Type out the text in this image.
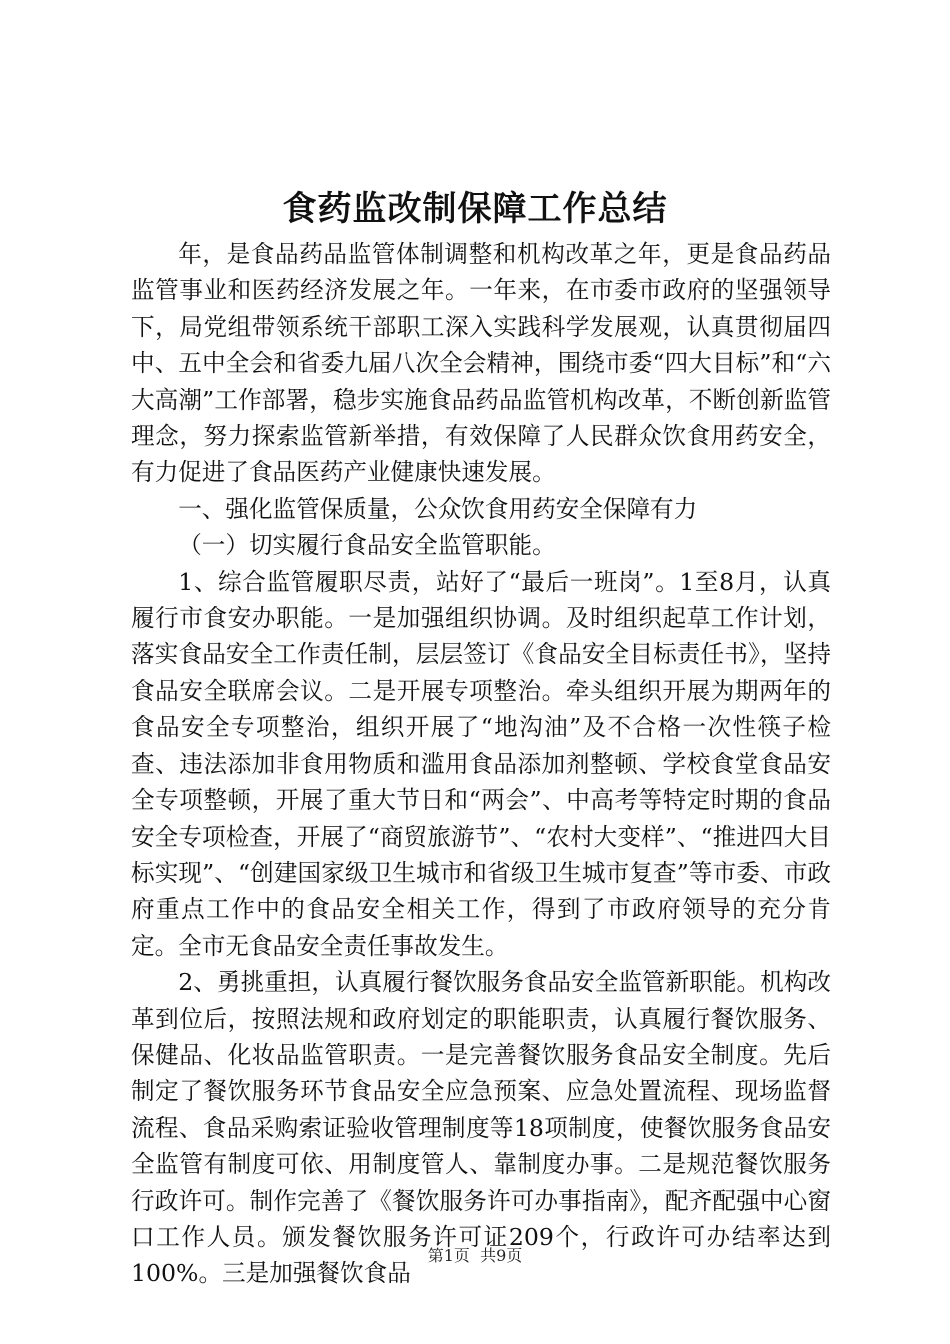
食药监改制保障工作总结

年，是食品药品监管体制调整和机构改革之年，更是食品药品监管事业和医药经济发展之年。一年来，在市委市政府的坚强领导下，局党组带领系统干部职工深入实践科学发展观，认真贯彻届四中、五中全会和省委九届八次全会精神，围绕市委“四大目标”和“六大高潮”工作部署，稳步实施食品药品监管机构改革，不断创新监管理念，努力探索监管新举措，有效保障了人民群众饮食用药安全，有力促进了食品医药产业健康快速发展。

一、强化监管保质量，公众饮食用药安全保障有力

（一）切实履行食品安全监管职能。

1、综合监管履职尽责，站好了“最后一班岗”。1至8月，认真履行市食安办职能。一是加强组织协调。及时组织起草工作计划，落实食品安全工作责任制，层层签订《食品安全目标责任书》，坚持食品安全联席会议。二是开展专项整治。牵头组织开展为期两年的食品安全专项整治，组织开展了“地沟油”及不合格一次性筷子检查、违法添加非食用物质和滥用食品添加剂整顿、学校食堂食品安全专项整顿，开展了重大节日和“两会”、中高考等特定时期的食品安全专项检查，开展了“商贸旅游节”、“农村大变样”、“推进四大目标实现”、“创建国家级卫生城市和省级卫生城市复查”等市委、市政府重点工作中的食品安全相关工作，得到了市政府领导的充分肯定。全市无食品安全责任事故发生。

2、勇挑重担，认真履行餐饮服务食品安全监管新职能。机构改革到位后，按照法规和政府划定的职能职责，认真履行餐饮服务、保健品、化妆品监管职责。一是完善餐饮服务食品安全制度。先后制定了餐饮服务环节食品安全应急预案、应急处置流程、现场监督流程、食品采购索证验收管理制度等18项制度，使餐饮服务食品安全监管有制度可依、用制度管人、靠制度办事。二是规范餐饮服务行政许可。制作完善了《餐饮服务许可办事指南》，配齐配强中心窗口工作人员。颁发餐饮服务许可证209个，行政许可办结率达到100%。三是加强餐饮食品

第1页  共9页
